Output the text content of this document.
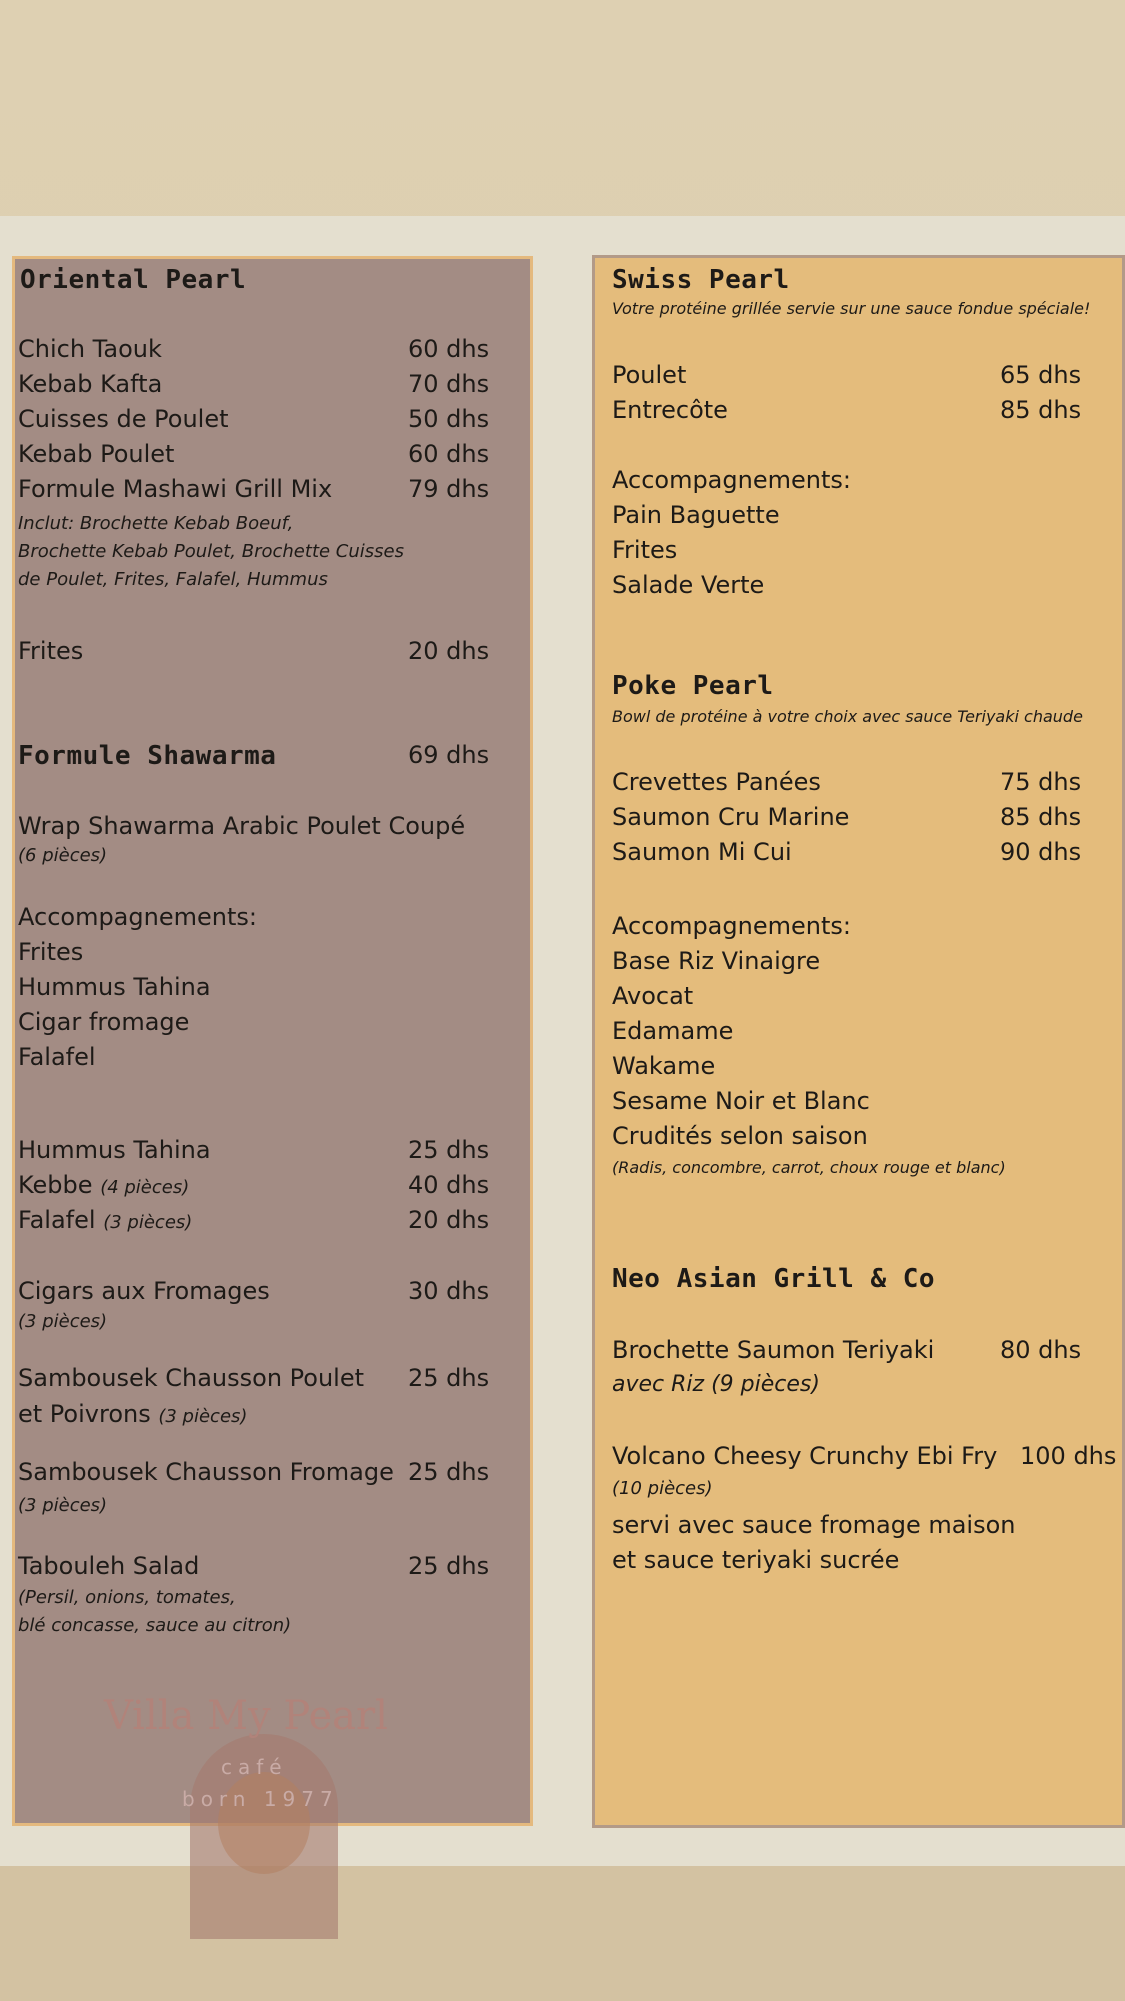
Villa My Pearl
café
born 1977
Oriental Pearl
Chich Taouk	60 dhs
Kebab Kafta	70 dhs
Cuisses de Poulet	50 dhs
Kebab Poulet	60 dhs
Formule Mashawi Grill Mix	79 dhs
Inclut: Brochette Kebab Boeuf,
Brochette Kebab Poulet, Brochette Cuisses
de Poulet, Frites, Falafel, Hummus
Frites	20 dhs
Formule Shawarma	69 dhs
Wrap Shawarma Arabic Poulet Coupé
(6 pièces)
Accompagnements:
Frites
Hummus Tahina
Cigar fromage
Falafel
Hummus Tahina	25 dhs
Kebbe (4 pièces)	40 dhs
Falafel (3 pièces)	20 dhs
Cigars aux Fromages	30 dhs
(3 pièces)
Sambousek Chausson Poulet 25 dhs
et Poivrons (3 pièces)
Sambousek Chausson Fromage 25 dhs
(3 pièces)
Tabouleh Salad	25 dhs
(Persil, onions, tomates,
blé concasse, sauce au citron)
Swiss Pearl
Votre protéine grillée servie sur une sauce fondue spéciale!
Poulet	65 dhs
Entrecôte	85 dhs
Accompagnements:
Pain Baguette
Frites
Salade Verte
Poke Pearl
Bowl de protéine à votre choix avec sauce Teriyaki chaude
Crevettes Panées	75 dhs
Saumon Cru Marine	85 dhs
Saumon Mi Cui	90 dhs
Accompagnements:
Base Riz Vinaigre
Avocat
Edamame
Wakame
Sesame Noir et Blanc
Crudités selon saison
(Radis, concombre, carrot, choux rouge et blanc)
Neo Asian Grill & Co
Brochette Saumon Teriyaki	80 dhs
avec Riz (9 pièces)
Volcano Cheesy Crunchy Ebi Fry 100 dhs
(10 pièces)
servi avec sauce fromage maison
et sauce teriyaki sucrée
